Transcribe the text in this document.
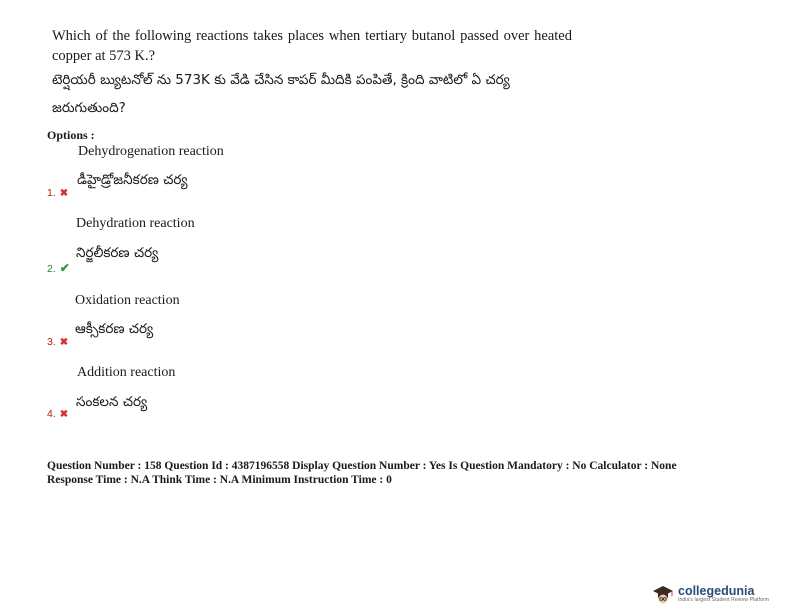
Which of the following reactions takes places when tertiary butanol passed over heated copper at 573 K.?
టెర్షియరీ బ్యుటనోల్ ను 573K కు వేడి చేసిన కాపర్ మీదికి పంపితే, క్రింది వాటిలో ఏ చర్య
జరుగుతుంది?
Options :
Dehydrogenation reaction
డీహైడ్రోజనీకరణ చర్య
1. ✖
Dehydration reaction
నిర్జలీకరణ చర్య
2. ✔
Oxidation reaction
ఆక్సీకరణ చర్య
3. ✖
Addition reaction
సంకలన చర్య
4. ✖
Question Number : 158 Question Id : 4387196558 Display Question Number : Yes Is Question Mandatory : No Calculator : None
Response Time : N.A Think Time : N.A Minimum Instruction Time : 0
collegedunia
India's largest Student Review Platform
